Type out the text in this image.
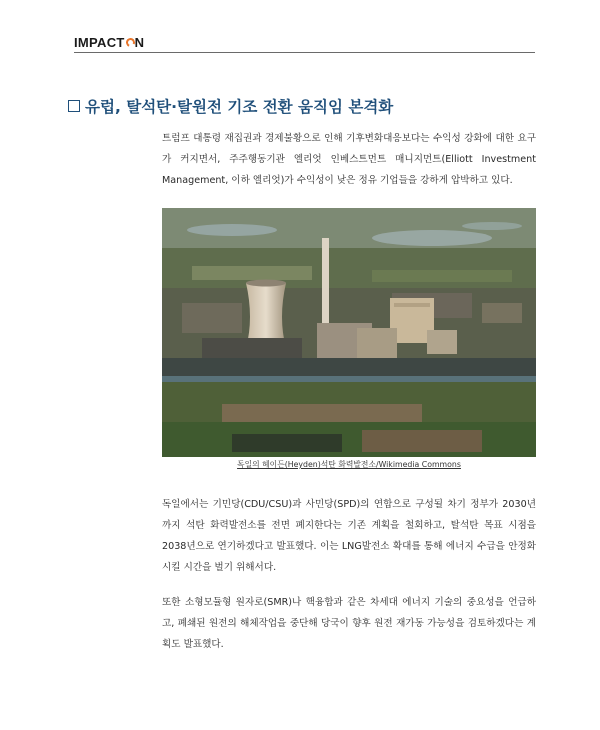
IMPACT N
유럽, 탈석탄·탈원전 기조 전환 움직임 본격화

트럼프 대통령 재집권과 경제불황으로 인해 기후변화대응보다는 수익성 강화에 대한 요구가 커지면서, 주주행동기관 엘리엇 인베스트먼트 매니지먼트(Elliott Investment Management, 이하 엘리엇)가 수익성이 낮은 정유 기업들을 강하게 압박하고 있다.

독일의 헤이든(Heyden)석탄 화력발전소/Wikimedia Commons

독일에서는 기민당(CDU/CSU)과 사민당(SPD)의 연합으로 구성될 차기 정부가 2030년까지 석탄 화력발전소를 전면 폐지한다는 기존 계획을 철회하고, 탈석탄 목표 시점을 2038년으로 연기하겠다고 발표했다. 이는 LNG발전소 확대를 통해 에너지 수급을 안정화시킬 시간을 벌기 위해서다.

또한 소형모듈형 원자로(SMR)나 핵융합과 같은 차세대 에너지 기술의 중요성을 언급하고, 폐쇄된 원전의 해체작업을 중단해 당국이 향후 원전 재가동 가능성을 검토하겠다는 계획도 발표했다.
